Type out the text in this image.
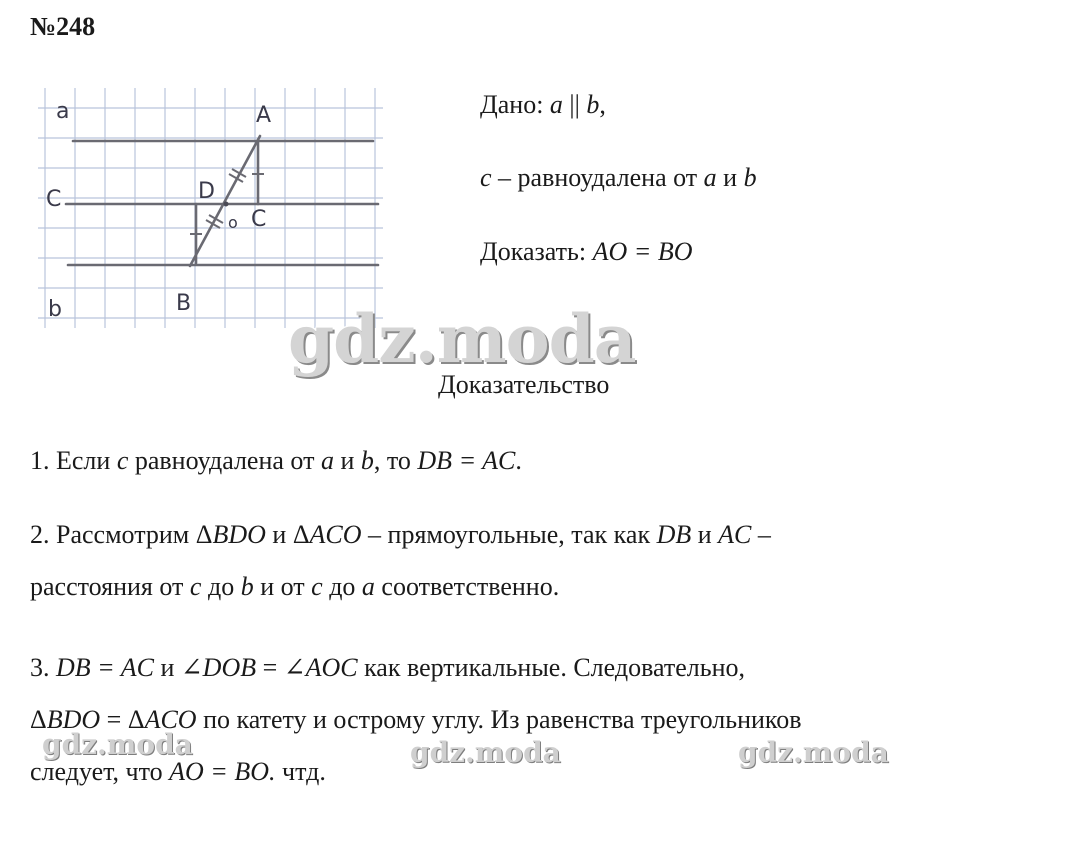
№248
a
C
b
A
B
D
C
o
Дано: a || b,
c – равноудалена от a и b
Доказать: AO = BO
gdz.moda
Доказательство
1. Если c равноудалена от a и b, то DB = AC.
2. Рассмотрим ΔBDO и ΔACO – прямоугольные, так как DB и AC –
расстояния от c до b и от c до a соответственно.
3. DB = AC и ∠DOB = ∠AOC как вертикальные. Следовательно,
ΔBDO = ΔACO по катету и острому углу. Из равенства треугольников
следует, что AO = BO. чтд.
gdz.moda	gdz.moda	gdz.moda
